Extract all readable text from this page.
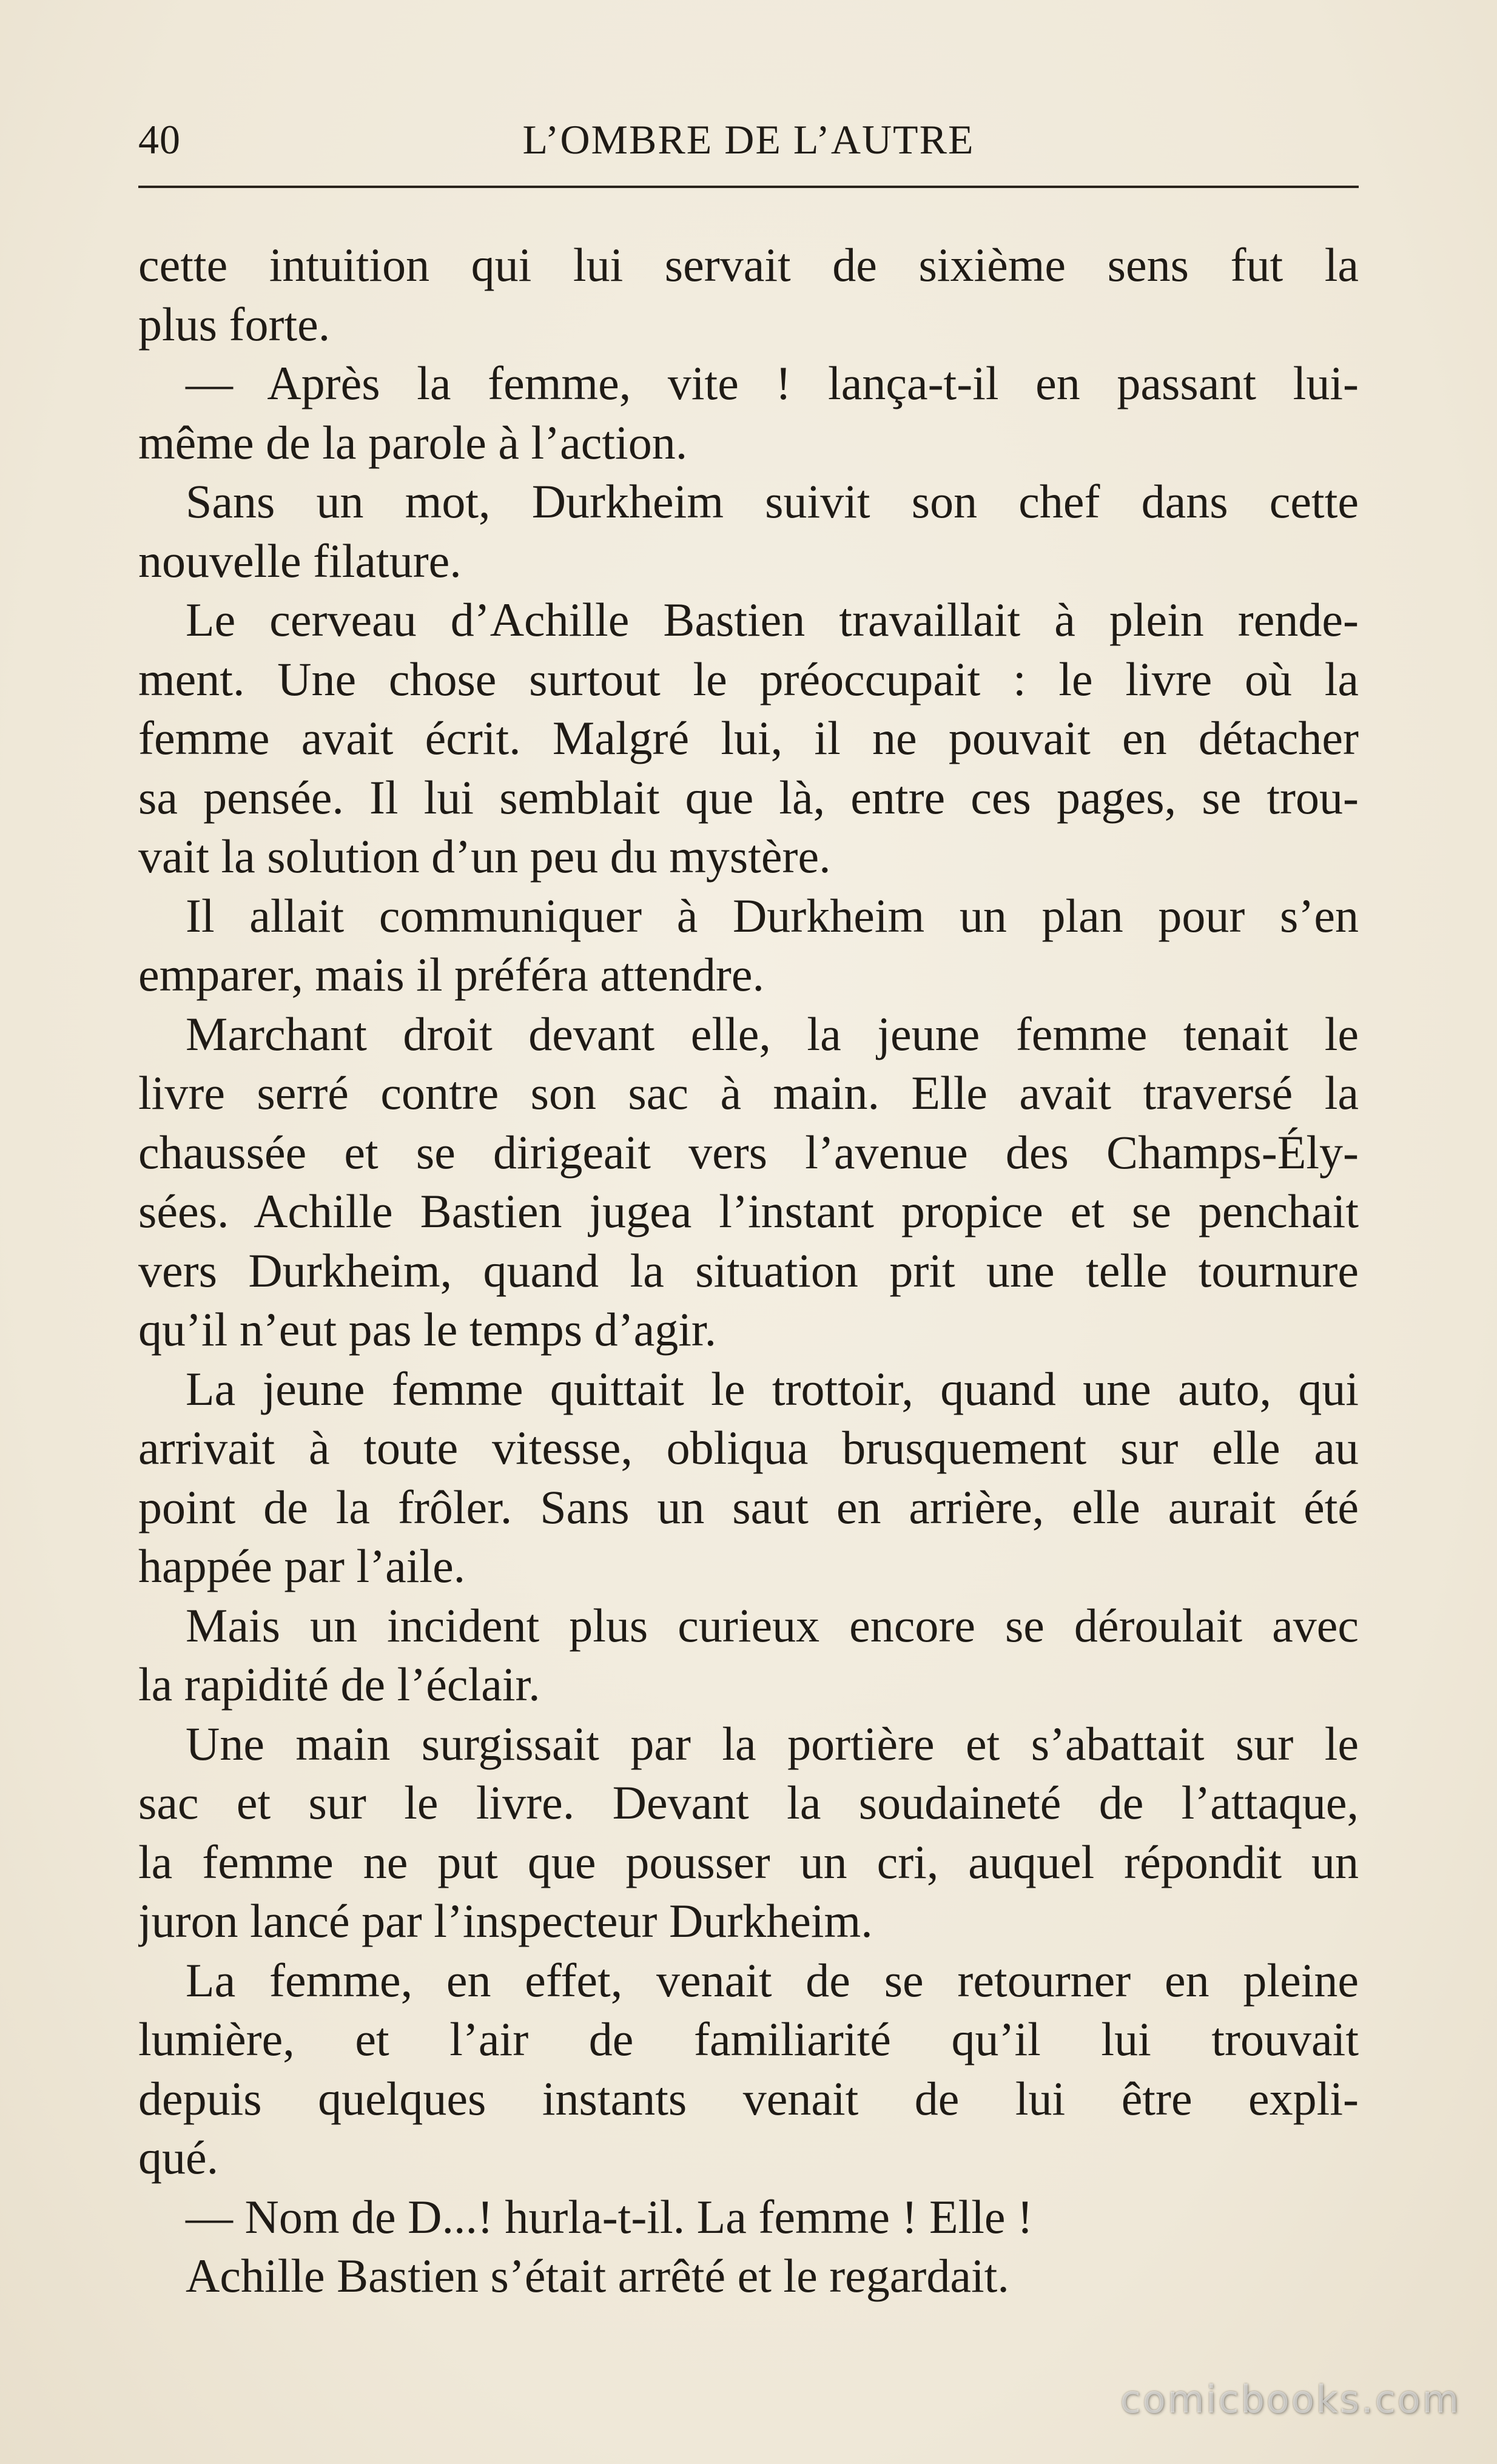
40	L’OMBRE DE L’AUTRE
cette intuition qui lui servait de sixième sens fut la
plus forte.
— Après la femme, vite ! lança-t-il en passant lui-
même de la parole à l’action.
Sans un mot, Durkheim suivit son chef dans cette
nouvelle filature.
Le cerveau d’Achille Bastien travaillait à plein rende-
ment. Une chose surtout le préoccupait : le livre où la
femme avait écrit. Malgré lui, il ne pouvait en détacher
sa pensée. Il lui semblait que là, entre ces pages, se trou-
vait la solution d’un peu du mystère.
Il allait communiquer à Durkheim un plan pour s’en
emparer, mais il préféra attendre.
Marchant droit devant elle, la jeune femme tenait le
livre serré contre son sac à main. Elle avait traversé la
chaussée et se dirigeait vers l’avenue des Champs-Ély-
sées. Achille Bastien jugea l’instant propice et se penchait
vers Durkheim, quand la situation prit une telle tournure
qu’il n’eut pas le temps d’agir.
La jeune femme quittait le trottoir, quand une auto, qui
arrivait à toute vitesse, obliqua brusquement sur elle au
point de la frôler. Sans un saut en arrière, elle aurait été
happée par l’aile.
Mais un incident plus curieux encore se déroulait avec
la rapidité de l’éclair.
Une main surgissait par la portière et s’abattait sur le
sac et sur le livre. Devant la soudaineté de l’attaque,
la femme ne put que pousser un cri, auquel répondit un
juron lancé par l’inspecteur Durkheim.
La femme, en effet, venait de se retourner en pleine
lumière, et l’air de familiarité qu’il lui trouvait
depuis quelques instants venait de lui être expli-
qué.
— Nom de D...! hurla-t-il. La femme ! Elle !
Achille Bastien s’était arrêté et le regardait.
comicbooks.com
